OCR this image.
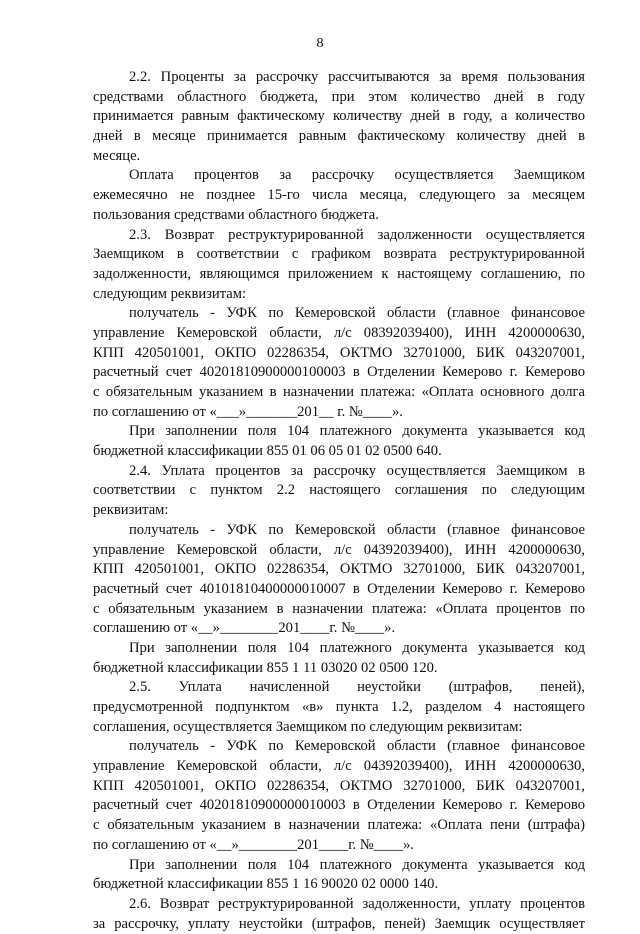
8
2.2. Проценты за рассрочку рассчитываются за время пользования
средствами областного бюджета, при этом количество дней в году
принимается равным фактическому количеству дней в году, а количество
дней в месяце принимается равным фактическому количеству дней в
месяце.
Оплата процентов за рассрочку осуществляется Заемщиком
ежемесячно не позднее 15-го числа месяца, следующего за месяцем
пользования средствами областного бюджета.
2.3. Возврат реструктурированной задолженности осуществляется
Заемщиком в соответствии с графиком возврата реструктурированной
задолженности, являющимся приложением к настоящему соглашению, по
следующим реквизитам:
получатель - УФК по Кемеровской области (главное финансовое
управление Кемеровской области, л/с 08392039400), ИНН 4200000630,
КПП 420501001, ОКПО 02286354, ОКТМО 32701000, БИК 043207001,
расчетный счет 40201810900000100003 в Отделении Кемерово г. Кемерово
с обязательным указанием в назначении платежа: «Оплата основного долга
по соглашению от «___»_______201__ г. №____».
При заполнении поля 104 платежного документа указывается код
бюджетной классификации 855 01 06 05 01 02 0500 640.
2.4. Уплата процентов за рассрочку осуществляется Заемщиком в
соответствии с пунктом 2.2 настоящего соглашения по следующим
реквизитам:
получатель - УФК по Кемеровской области (главное финансовое
управление Кемеровской области, л/с 04392039400), ИНН 4200000630,
КПП 420501001, ОКПО 02286354, ОКТМО 32701000, БИК 043207001,
расчетный счет 40101810400000010007 в Отделении Кемерово г. Кемерово
с обязательным указанием в назначении платежа: «Оплата процентов по
соглашению от «__»________201____г. №____».
При заполнении поля 104 платежного документа указывается код
бюджетной классификации 855 1 11 03020 02 0500 120.
2.5. Уплата начисленной неустойки (штрафов, пеней),
предусмотренной подпунктом «в» пункта 1.2, разделом 4 настоящего
соглашения, осуществляется Заемщиком по следующим реквизитам:
получатель - УФК по Кемеровской области (главное финансовое
управление Кемеровской области, л/с 04392039400), ИНН 4200000630,
КПП 420501001, ОКПО 02286354, ОКТМО 32701000, БИК 043207001,
расчетный счет 40201810900000010003 в Отделении Кемерово г. Кемерово
с обязательным указанием в назначении платежа: «Оплата пени (штрафа)
по соглашению от «__»________201____г. №____».
При заполнении поля 104 платежного документа указывается код
бюджетной классификации 855 1 16 90020 02 0000 140.
2.6. Возврат реструктурированной задолженности, уплату процентов
за рассрочку, уплату неустойки (штрафов, пеней) Заемщик осуществляет
